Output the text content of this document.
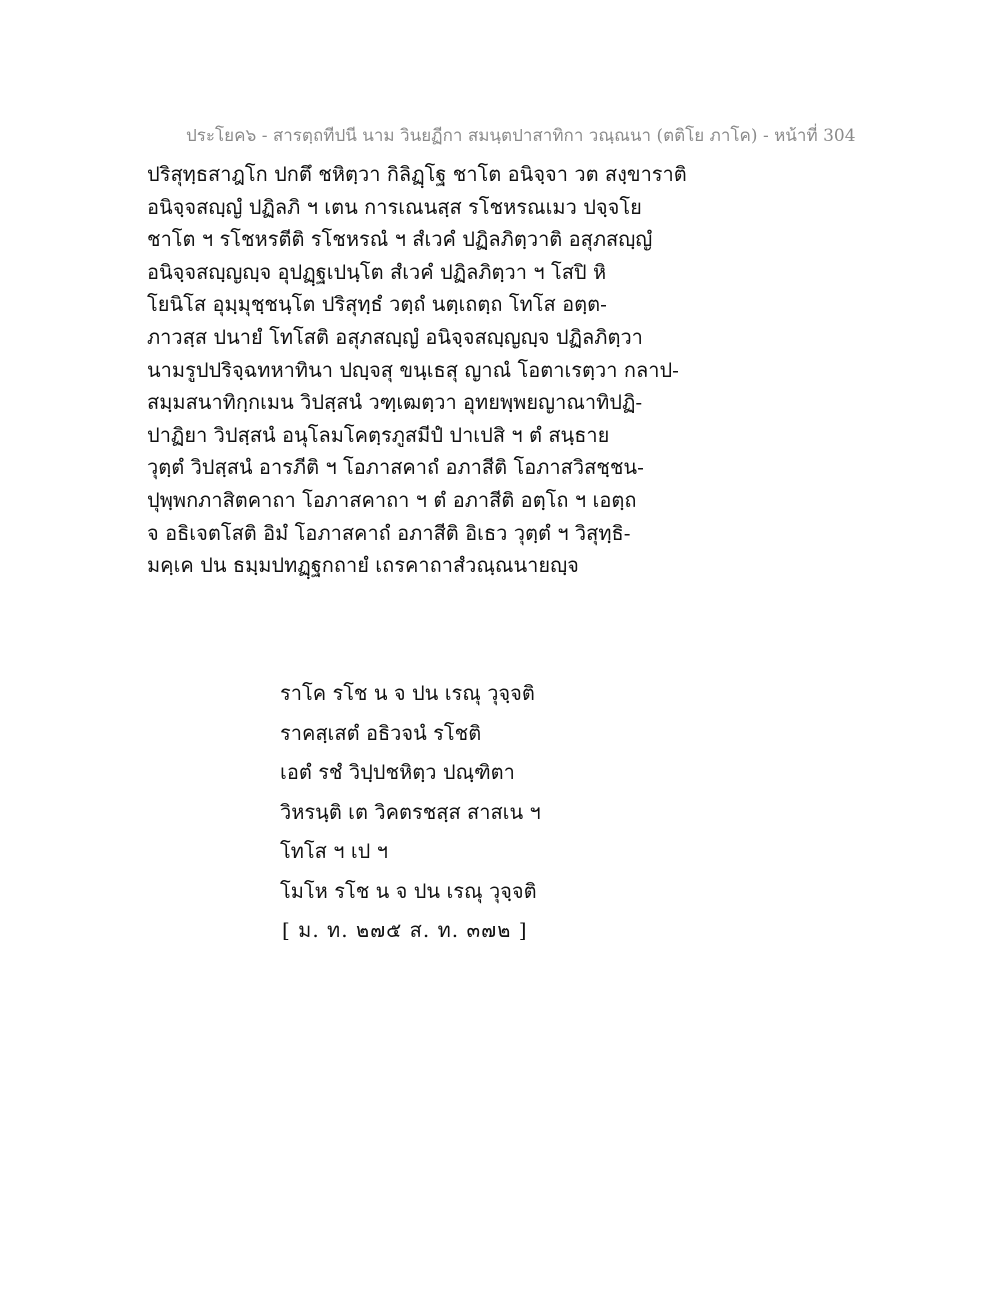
ประโยค๖ - สารตฺถทีปนี นาม วินยฏีกา สมนฺตปาสาทิกา วณฺณนา (ตติโย ภาโค) - หน้าที่ 304
ปริสุทฺธสาฎโก ปกตึ ชหิตฺวา กิลิฏฺโฐ ชาโต อนิจฺจา วต สงฺขาราติ
อนิจฺจสญฺญํ ปฏิลภิ ฯ เตน การเณนสฺส รโชหรณเมว ปจฺจโย
ชาโต ฯ รโชหรตีติ รโชหรณํ ฯ สํเวคํ ปฏิลภิตฺวาติ อสุภสญฺญํ
อนิจฺจสญฺญญฺจ อุปฏฺฐเปนฺโต สํเวคํ ปฏิลภิตฺวา ฯ โสปิ หิ
โยนิโส อุมฺมุชฺชนฺโต ปริสุทฺธํ วตฺถํ นตฺเถตฺถ โทโส อตฺต-
ภาวสฺส ปนายํ โทโสติ อสุภสญฺญํ อนิจฺจสญฺญญฺจ ปฏิลภิตฺวา
นามรูปปริจฺฉทหาทินา ปญฺจสุ ขนฺเธสุ ญาณํ โอตาเรตฺวา กลาป-
สมฺมสนาทิกฺกเมน วิปสฺสนํ วฑฺเฒตฺวา อุทยพฺพยญาณาทิปฏิ-
ปาฏิยา วิปสฺสนํ อนุโลมโคตฺรภูสมีปํ ปาเปสิ ฯ ตํ สนฺธาย
วุตฺตํ วิปสฺสนํ อารภีติ ฯ โอภาสคาถํ อภาสีติ โอภาสวิสชฺชน-
ปุพฺพกภาสิตคาถา โอภาสคาถา ฯ ตํ อภาสีติ อตฺโถ ฯ เอตฺถ
จ อธิเจตโสติ อิมํ โอภาสคาถํ อภาสีติ อิเธว วุตฺตํ ฯ วิสุทฺธิ-
มคฺเค ปน ธมฺมปทฏฺฐกถายํ เถรคาถาสํวณฺณนายญฺจ
ราโค รโช น จ ปน เรณุ วุจฺจติ
ราคสฺเสตํ อธิวจนํ รโชติ
เอตํ รชํ วิปฺปชหิตฺว ปณฺฑิตา
วิหรนฺติ เต วิคตรชสฺส สาสเน ฯ
โทโส ฯ เป ฯ
โมโห รโช น จ ปน เรณุ วุจฺจติ
[ ม. ท. ๒๗๕ ส. ท. ๓๗๒ ]
